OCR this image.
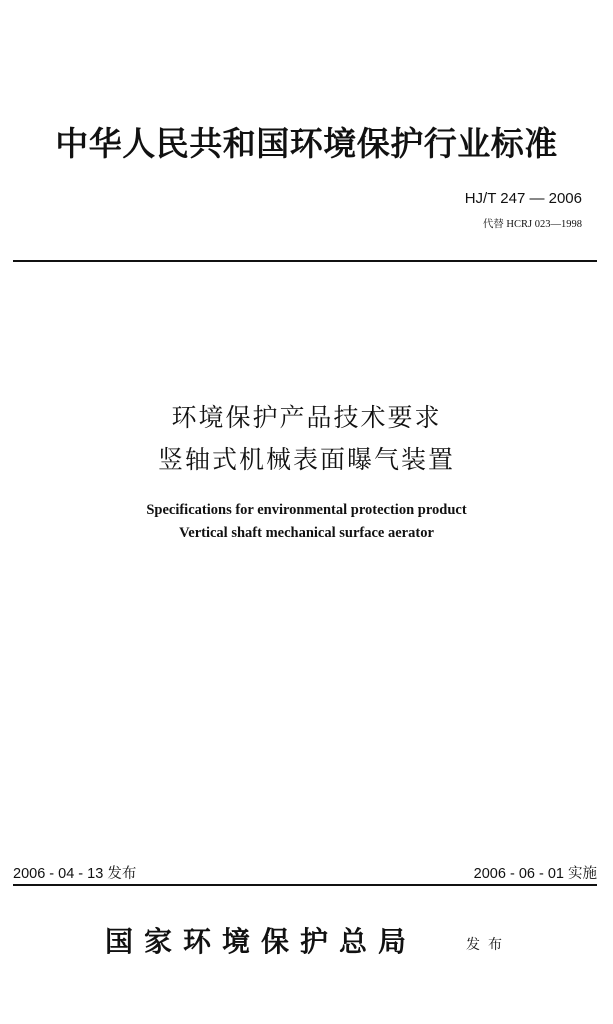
中华人民共和国环境保护行业标准
HJ/T 247 — 2006
代替 HCRJ 023—1998
环境保护产品技术要求
竖轴式机械表面曝气装置
Specifications for environmental protection product
Vertical shaft mechanical surface aerator
2006 - 04 - 13 发布	2006 - 06 - 01 实施
国家环境保护总局	发布
